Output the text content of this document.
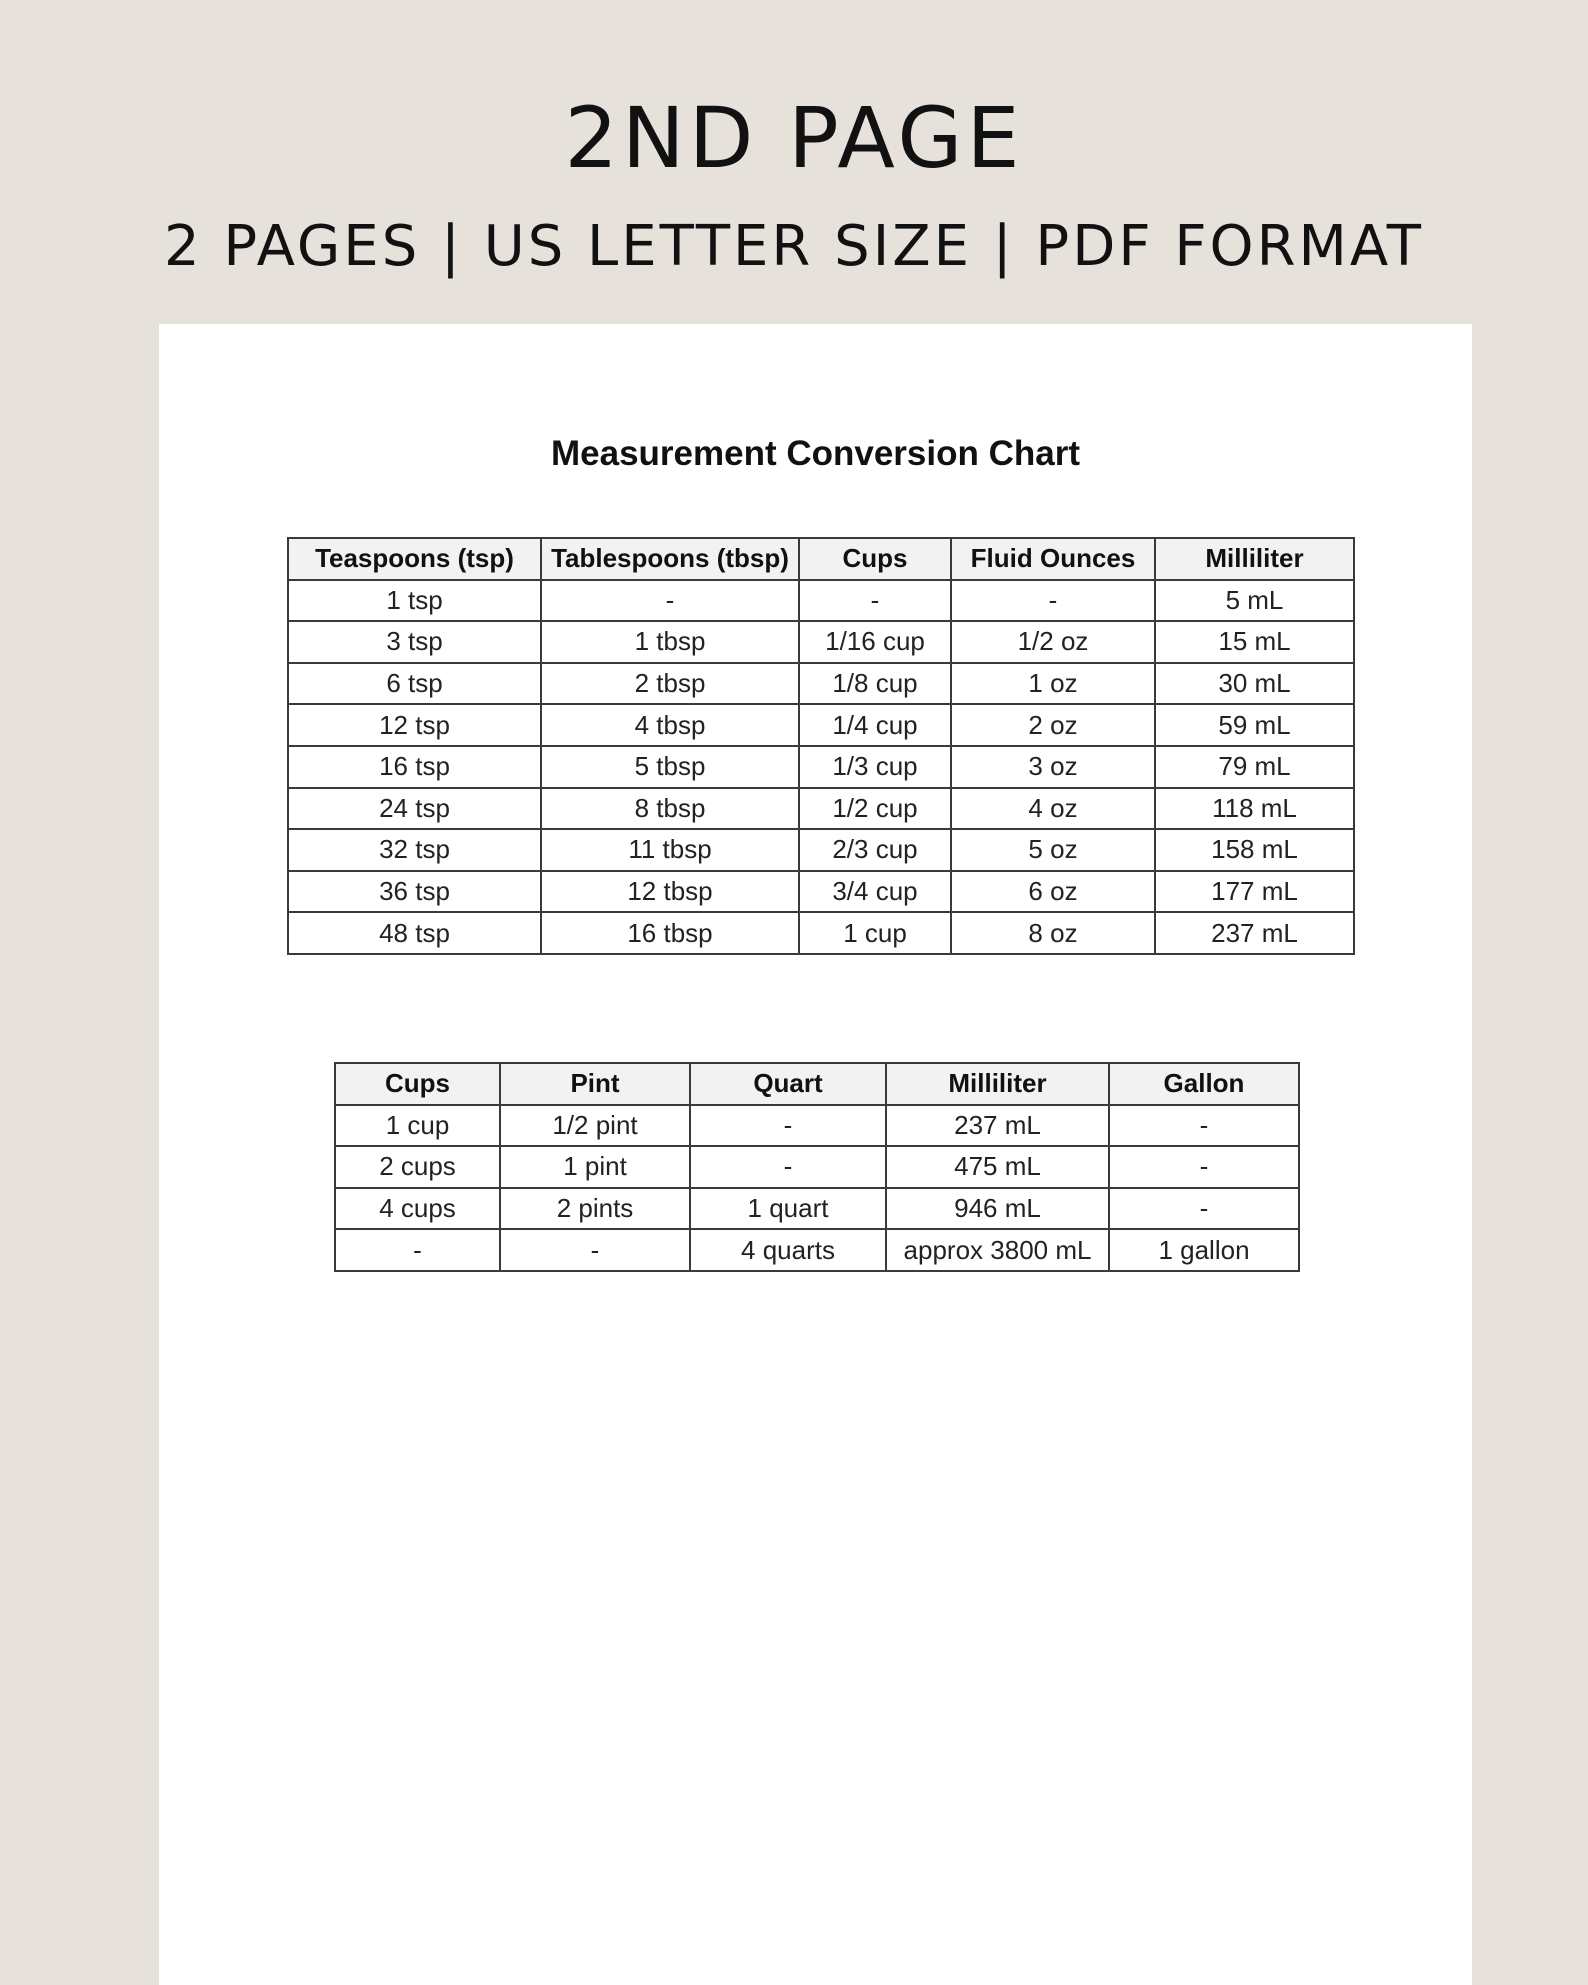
2ND PAGE
2 PAGES | US LETTER SIZE | PDF FORMAT
Measurement Conversion Chart
Teaspoons (tsp)	Tablespoons (tbsp)	Cups	Fluid Ounces	Milliliter
1 tsp	-	-	-	5 mL
3 tsp	1 tbsp	1/16 cup	1/2 oz	15 mL
6 tsp	2 tbsp	1/8 cup	1 oz	30 mL
12 tsp	4 tbsp	1/4 cup	2 oz	59 mL
16 tsp	5 tbsp	1/3 cup	3 oz	79 mL
24 tsp	8 tbsp	1/2 cup	4 oz	118 mL
32 tsp	11 tbsp	2/3 cup	5 oz	158 mL
36 tsp	12 tbsp	3/4 cup	6 oz	177 mL
48 tsp	16 tbsp	1 cup	8 oz	237 mL
Cups	Pint	Quart	Milliliter	Gallon
1 cup	1/2 pint	-	237 mL	-
2 cups	1 pint	-	475 mL	-
4 cups	2 pints	1 quart	946 mL	-
-	-	4 quarts	approx 3800 mL	1 gallon
